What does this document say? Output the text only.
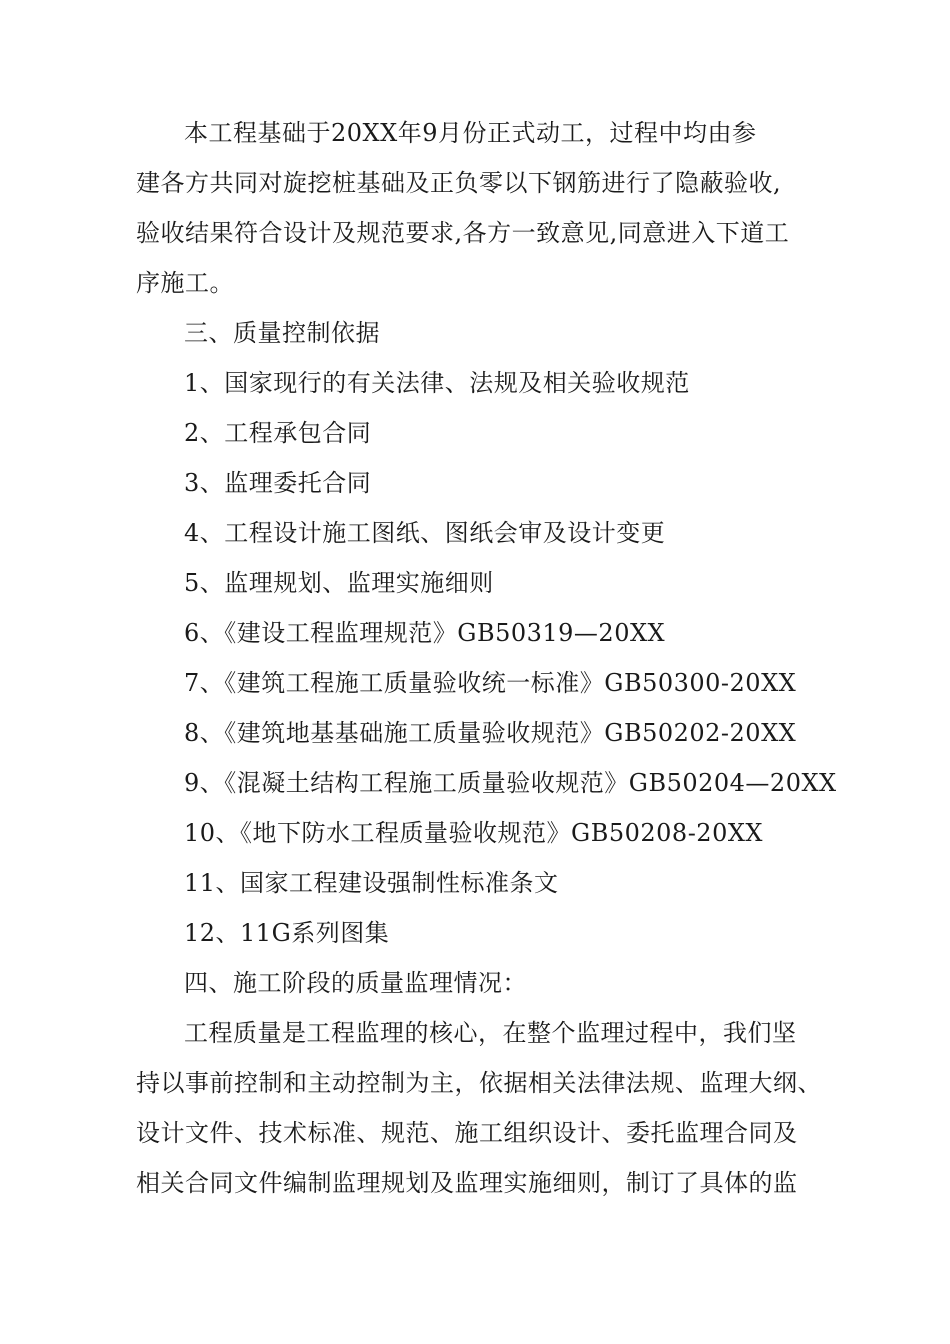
本工程基础于20XX年9月份正式动工，过程中均由参
建各方共同对旋挖桩基础及正负零以下钢筋进行了隐蔽验收,
验收结果符合设计及规范要求,各方一致意见,同意进入下道工
序施工。
三、质量控制依据
1、国家现行的有关法律、法规及相关验收规范
2、工程承包合同
3、监理委托合同
4、工程设计施工图纸、图纸会审及设计变更
5、监理规划、监理实施细则
6、《建设工程监理规范》GB50319—20XX
7、《建筑工程施工质量验收统一标准》GB50300-20XX
8、《建筑地基基础施工质量验收规范》GB50202-20XX
9、《混凝土结构工程施工质量验收规范》GB50204—20XX
10、《地下防水工程质量验收规范》GB50208-20XX
11、国家工程建设强制性标准条文
12、11G系列图集
四、施工阶段的质量监理情况：
工程质量是工程监理的核心，在整个监理过程中，我们坚
持以事前控制和主动控制为主，依据相关法律法规、监理大纲、
设计文件、技术标准、规范、施工组织设计、委托监理合同及
相关合同文件编制监理规划及监理实施细则，制订了具体的监
